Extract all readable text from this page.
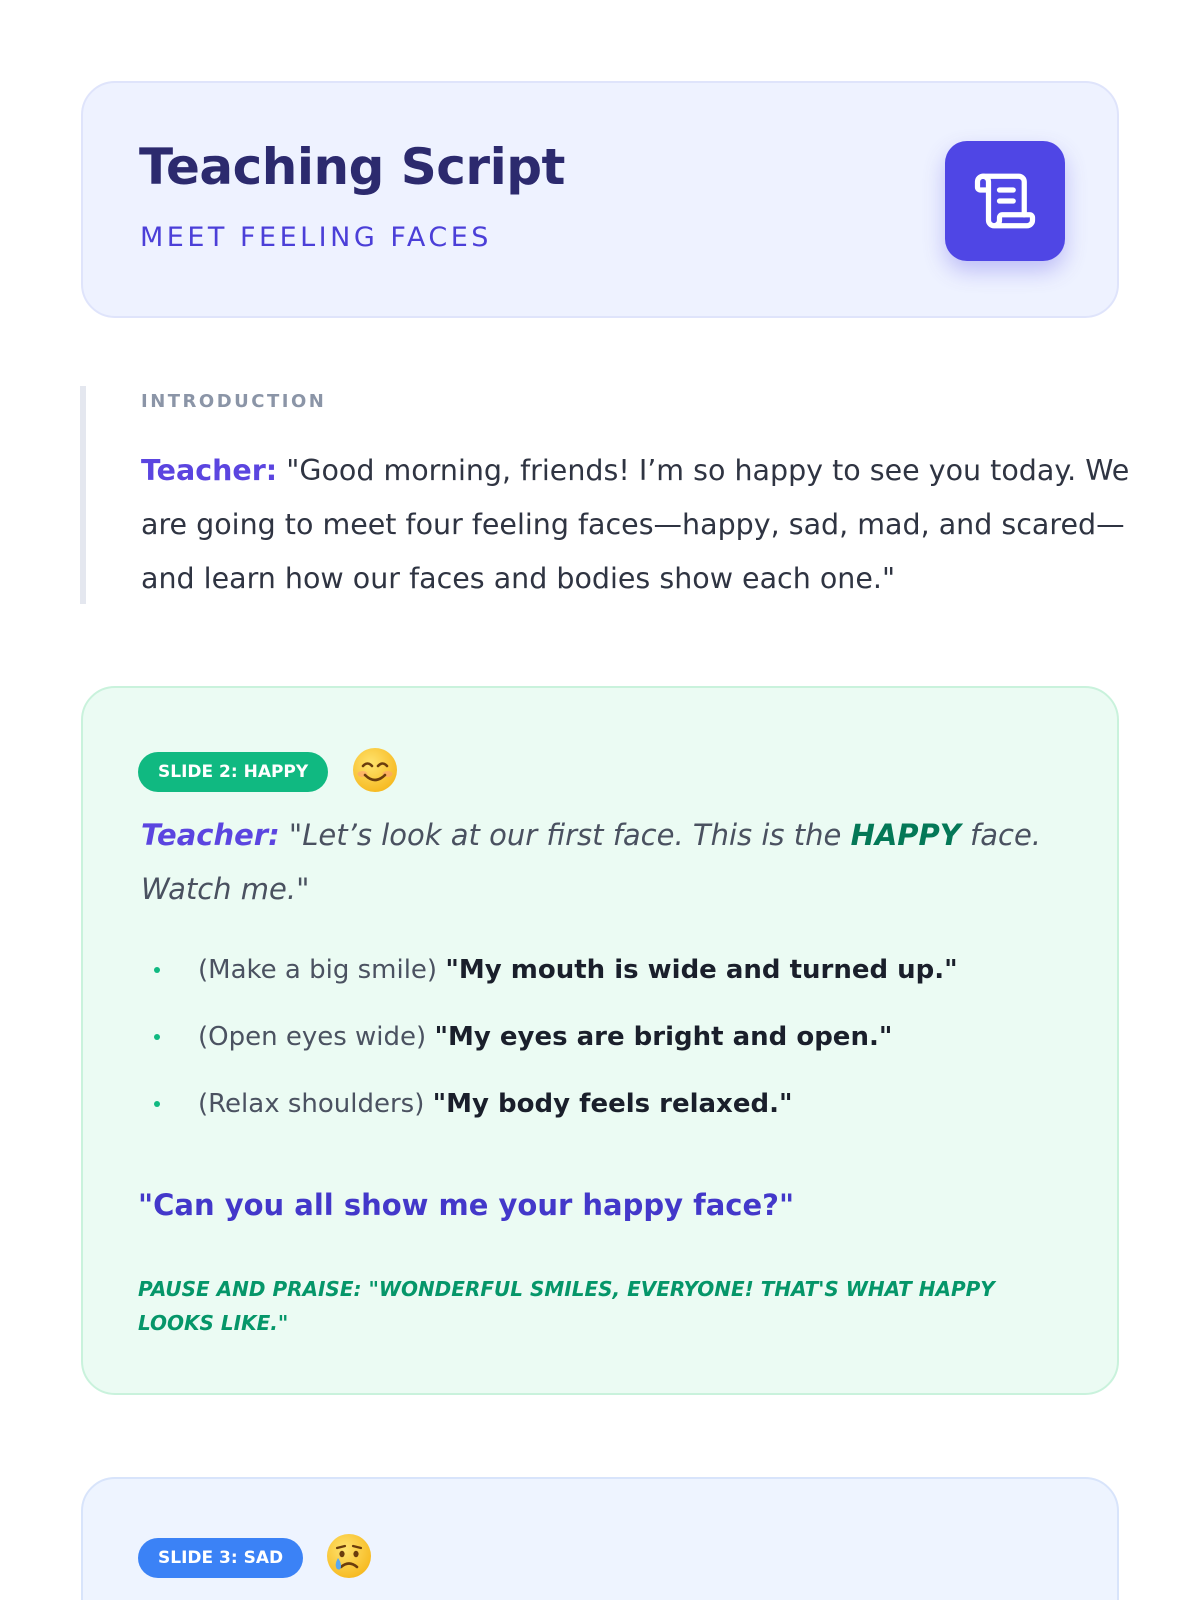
Teaching Script
MEET FEELING FACES
INTRODUCTION

Teacher: "Good morning, friends! I’m so happy to see you today. We are going to meet four feeling faces—happy, sad, mad, and scared—and learn how our faces and bodies show each one."

SLIDE 2: HAPPY

Teacher: "Let’s look at our first face. This is the HAPPY face. Watch me."

(Make a big smile) "My mouth is wide and turned up."
(Open eyes wide) "My eyes are bright and open."
(Relax shoulders) "My body feels relaxed."
"Can you all show me your happy face?"

PAUSE AND PRAISE: "WONDERFUL SMILES, EVERYONE! THAT'S WHAT HAPPY LOOKS LIKE."

SLIDE 3: SAD
